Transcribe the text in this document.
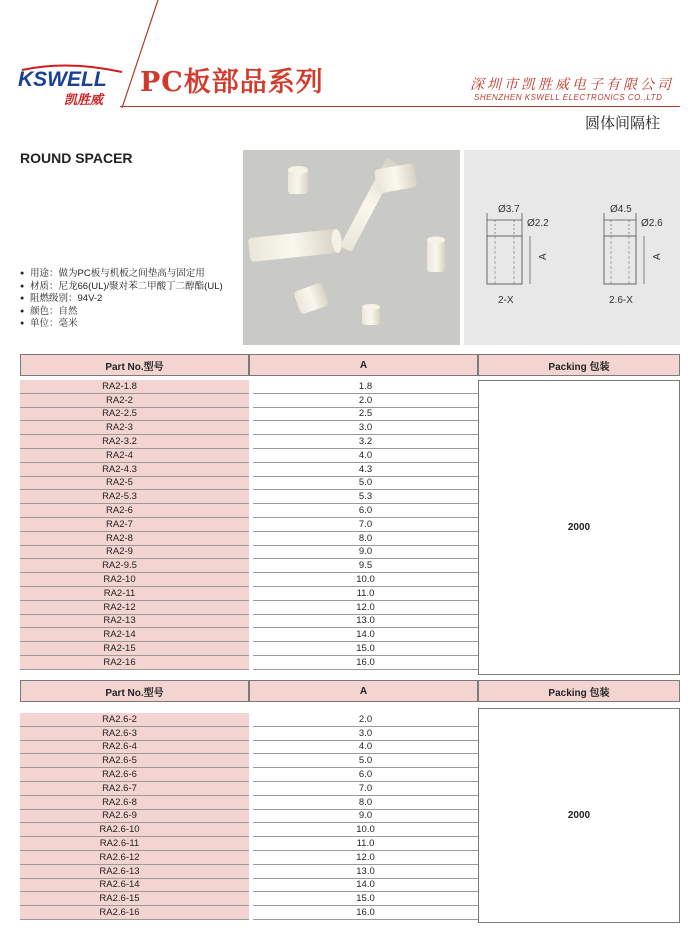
KSWELL
凯胜威
PC板部品系列	深圳市凯胜威电子有限公司
SHENZHEN KSWELL ELECTRONICS CO.,LTD
圆体间隔柱
ROUND SPACER
A
Ø3.7
Ø2.2
2-X
A
Ø4.5
Ø2.6
2.6-X
● 用途：做为PC板与机板之间垫高与固定用
● 材质：尼龙66(UL)/聚对苯二甲酸丁二醇酯(UL)
● 阻燃级别：94V-2
● 颜色：自然
● 单位：毫米
Part No.型号	A	Packing 包装
RA2-1.8	1.8
RA2-2	2.0
RA2-2.5	2.5
RA2-3	3.0
RA2-3.2	3.2
RA2-4	4.0
RA2-4.3	4.3
RA2-5	5.0
RA2-5.3	5.3
RA2-6	6.0
RA2-7	7.0
RA2-8	8.0
RA2-9	9.0
RA2-9.5	9.5
RA2-10	10.0
RA2-11	11.0
RA2-12	12.0
RA2-13	13.0
RA2-14	14.0
RA2-15	15.0
RA2-16	16.0
2000
Part No.型号	A	Packing 包装
RA2.6-2	2.0
RA2.6-3	3.0
RA2.6-4	4.0
RA2.6-5	5.0
RA2.6-6	6.0
RA2.6-7	7.0
RA2.6-8	8.0
RA2.6-9	9.0
RA2.6-10	10.0
RA2.6-11	11.0
RA2.6-12	12.0
RA2.6-13	13.0
RA2.6-14	14.0
RA2.6-15	15.0
RA2.6-16	16.0
2000
